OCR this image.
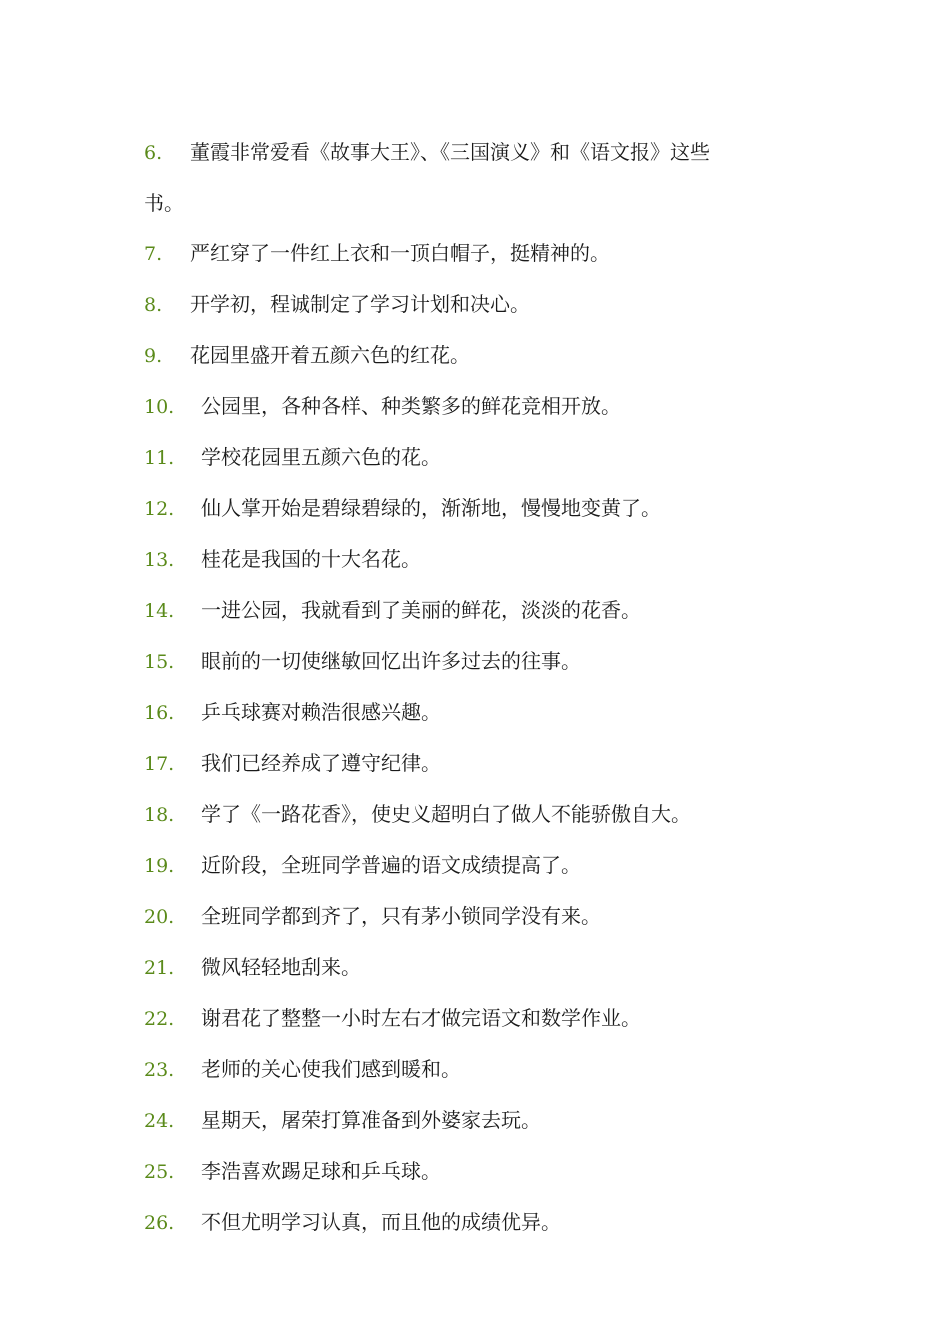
6. 董霞非常爱看《故事大王》、《三国演义》和《语文报》这些
书。
7. 严红穿了一件红上衣和一顶白帽子，挺精神的。
8. 开学初，程诚制定了学习计划和决心。
9. 花园里盛开着五颜六色的红花。
10. 公园里，各种各样、种类繁多的鲜花竞相开放。
11. 学校花园里五颜六色的花。
12. 仙人掌开始是碧绿碧绿的，渐渐地，慢慢地变黄了。
13. 桂花是我国的十大名花。
14. 一进公园，我就看到了美丽的鲜花，淡淡的花香。
15. 眼前的一切使继敏回忆出许多过去的往事。
16. 乒乓球赛对赖浩很感兴趣。
17. 我们已经养成了遵守纪律。
18. 学了《一路花香》，使史义超明白了做人不能骄傲自大。
19. 近阶段，全班同学普遍的语文成绩提高了。
20. 全班同学都到齐了，只有茅小锁同学没有来。
21. 微风轻轻地刮来。
22. 谢君花了整整一小时左右才做完语文和数学作业。
23. 老师的关心使我们感到暖和。
24. 星期天，屠荣打算准备到外婆家去玩。
25. 李浩喜欢踢足球和乒乓球。
26. 不但尤明学习认真，而且他的成绩优异。
